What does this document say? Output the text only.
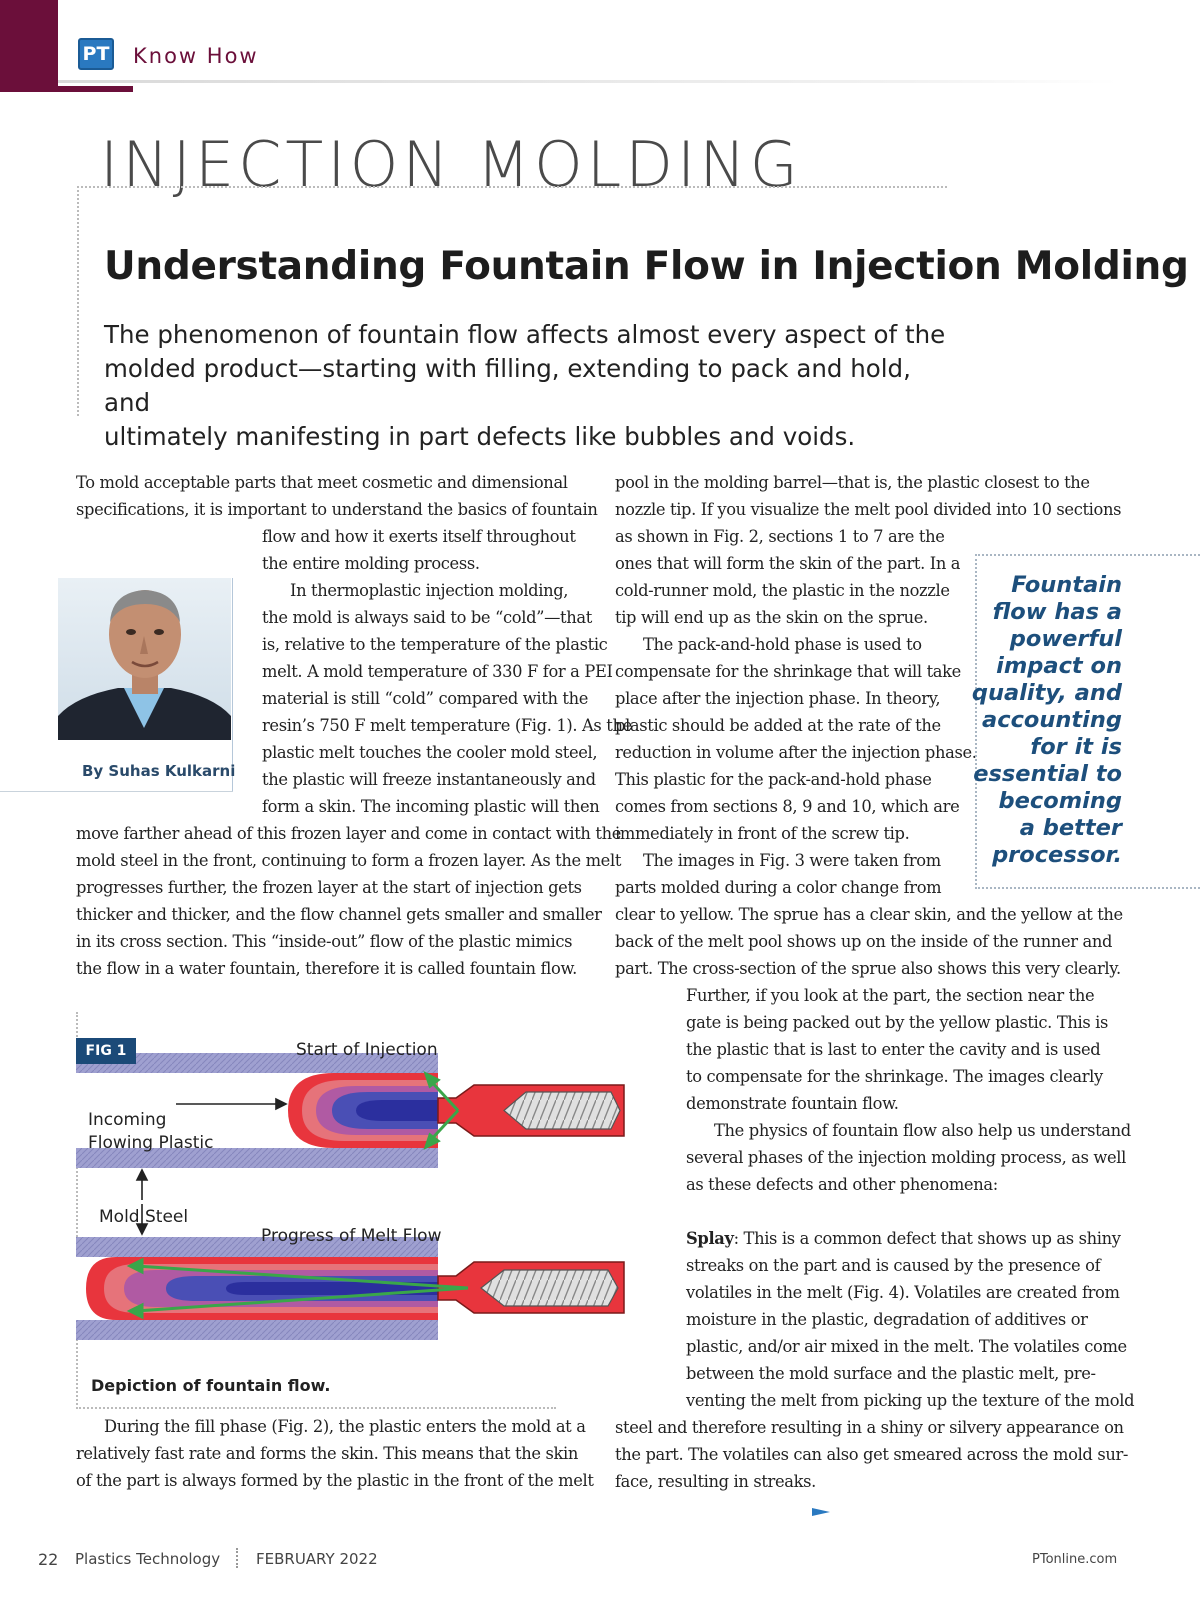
PT Know How
INJECTION MOLDING
Understanding Fountain Flow in Injection Molding
The phenomenon of fountain flow affects almost every aspect of the
molded product—starting with filling, extending to pack and hold, and
ultimately manifesting in part defects like bubbles and voids.
By Suhas Kulkarni
To mold acceptable parts that meet cosmetic and dimensional
specifications, it is important to understand the basics of fountain
flow and how it exerts itself throughout
the entire molding process.
In thermoplastic injection molding,
the mold is always said to be “cold”—that
is, relative to the temperature of the plastic
melt. A mold temperature of 330 F for a PEI
material is still “cold” compared with the
resin’s 750 F melt temperature (Fig. 1). As the
plastic melt touches the cooler mold steel,
the plastic will freeze instantaneously and
form a skin. The incoming plastic will then
move farther ahead of this frozen layer and come in contact with the
mold steel in the front, continuing to form a frozen layer. As the melt
progresses further, the frozen layer at the start of injection gets
thicker and thicker, and the flow channel gets smaller and smaller
in its cross section. This “inside-out” flow of the plastic mimics
the flow in a water fountain, therefore it is called fountain flow.
During the fill phase (Fig. 2), the plastic enters the mold at a
relatively fast rate and forms the skin. This means that the skin
of the part is always formed by the plastic in the front of the melt
pool in the molding barrel—that is, the plastic closest to the
nozzle tip. If you visualize the melt pool divided into 10 sections
as shown in Fig. 2, sections 1 to 7 are the
ones that will form the skin of the part. In a
cold-runner mold, the plastic in the nozzle
tip will end up as the skin on the sprue.
The pack-and-hold phase is used to
compensate for the shrinkage that will take
place after the injection phase. In theory,
plastic should be added at the rate of the
reduction in volume after the injection phase.
This plastic for the pack-and-hold phase
comes from sections 8, 9 and 10, which are
immediately in front of the screw tip.
The images in Fig. 3 were taken from
parts molded during a color change from
clear to yellow. The sprue has a clear skin, and the yellow at the
back of the melt pool shows up on the inside of the runner and
part. The cross-section of the sprue also shows this very clearly.
Further, if you look at the part, the section near the
gate is being packed out by the yellow plastic. This is
the plastic that is last to enter the cavity and is used
to compensate for the shrinkage. The images clearly
demonstrate fountain flow.
The physics of fountain flow also help us understand
several phases of the injection molding process, as well
as these defects and other phenomena:
Splay: This is a common defect that shows up as shiny
streaks on the part and is caused by the presence of
volatiles in the melt (Fig. 4). Volatiles are created from
moisture in the plastic, degradation of additives or
plastic, and/or air mixed in the melt. The volatiles come
between the mold surface and the plastic melt, pre-
venting the melt from picking up the texture of the mold
steel and therefore resulting in a shiny or silvery appearance on
the part. The volatiles can also get smeared across the mold sur-
face, resulting in streaks.
Fountain
flow has a
powerful
impact on
quality, and
accounting
for it is
essential to
becoming
a better
processor.
FIG 1	Start of Injection
Incoming
Flowing Plastic
Mold Steel
Progress of Melt Flow
Depiction of fountain flow.
22 Plastics Technology FEBRUARY 2022	PTonline.com
